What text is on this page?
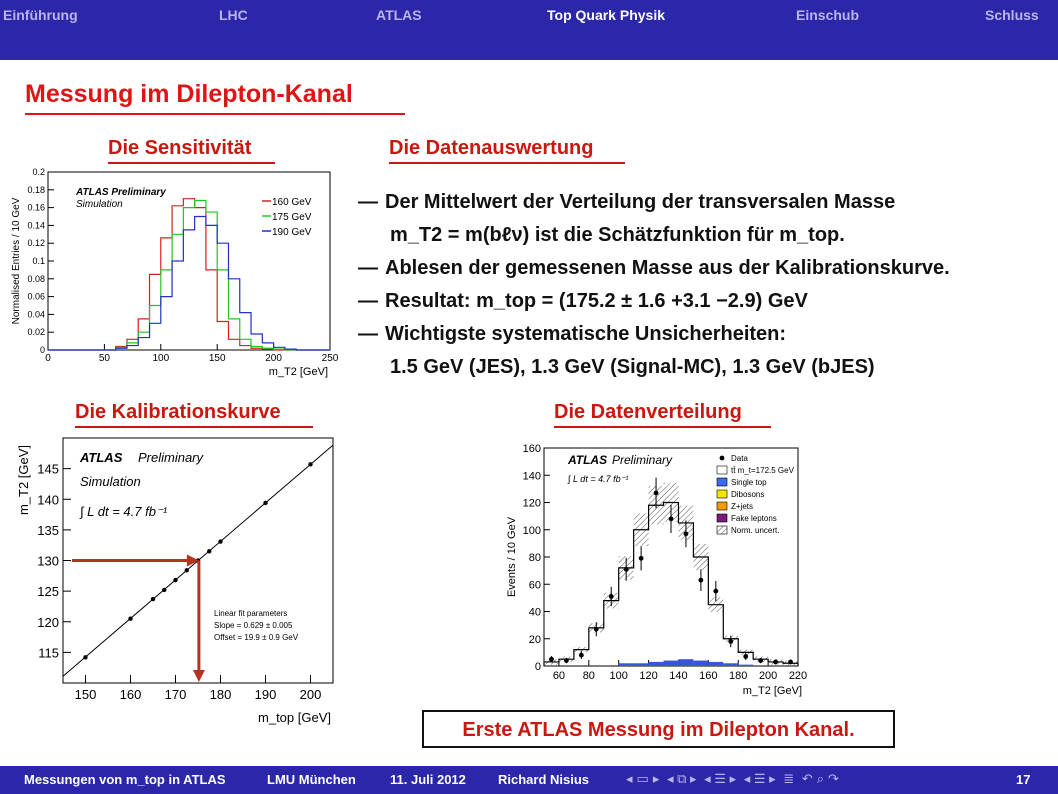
Einführung	LHC	ATLAS	Top Quark Physik	Einschub	Schluss
Messung im Dilepton-Kanal
Die Sensitivität	Die Datenauswertung
Die Kalibrationskurve	Die Datenverteilung
0
0.02
0.04
0.06
0.08
0.1
0.12
0.14
0.16
0.18
0.2
0	50	100	150	200	250
m_T2 [GeV]
Normalised Entries / 10 GeV
ATLAS Preliminary
Simulation	160 GeV
175 GeV
190 GeV
— Der Mittelwert der Verteilung der transversalen Masse
m_T2 = m(bℓν) ist die Schätzfunktion für m_top.
— Ablesen der gemessenen Masse aus der Kalibrationskurve.
— Resultat: m_top = (175.2 ± 1.6 +3.1 −2.9) GeV
— Wichtigste systematische Unsicherheiten:
1.5 GeV (JES), 1.3 GeV (Signal-MC), 1.3 GeV (bJES)
115
120
125
130
135
140
145
150 160 170 180 190 200
m_top [GeV]
m_T2 [GeV]	ATLAS Preliminary
Simulation
∫ L dt = 4.7 fb⁻¹
Linear fit parameters
Slope = 0.629 ± 0.005
Offset = 19.9 ± 0.9 GeV
0
20
40
60
80
100
120
140
160
60 80 100 120 140 160 180 200 220
m_T2 [GeV]
Events / 10 GeV
ATLAS Preliminary
∫ L dt = 4.7 fb⁻¹
Data
tt̄ m_t=172.5 GeV
Single top
Dibosons
Z+jets
Fake leptons
Norm. uncert.
Erste ATLAS Messung im Dilepton Kanal.
Messungen von m_top in ATLAS	LMU München	11. Juli 2012 Richard Nisius	◂ ▭ ▸ ◂ ⧉ ▸ ◂ ☰ ▸ ◂ ☰ ▸ ≣ ↶ ⌕ ↷	17
